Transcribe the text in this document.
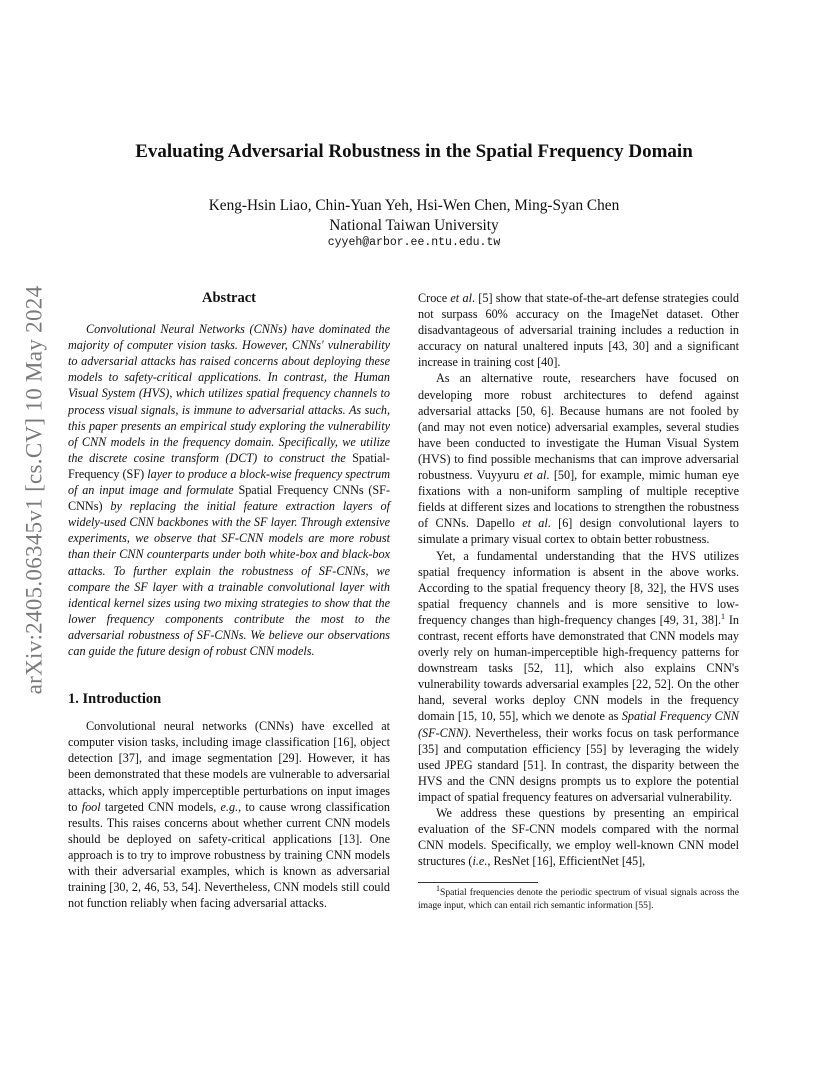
arXiv:2405.06345v1 [cs.CV] 10 May 2024
Evaluating Adversarial Robustness in the Spatial Frequency Domain
Keng-Hsin Liao, Chin-Yuan Yeh, Hsi-Wen Chen, Ming-Syan Chen
National Taiwan University
cyyeh@arbor.ee.ntu.edu.tw
Abstract

Convolutional Neural Networks (CNNs) have dominated the majority of computer vision tasks. However, CNNs' vulnerability to adversarial attacks has raised concerns about deploying these models to safety-critical applications. In contrast, the Human Visual System (HVS), which utilizes spatial frequency channels to process visual signals, is immune to adversarial attacks. As such, this paper presents an empirical study exploring the vulnerability of CNN models in the frequency domain. Specifically, we utilize the discrete cosine transform (DCT) to construct the Spatial-Frequency (SF) layer to produce a block-wise frequency spectrum of an input image and formulate Spatial Frequency CNNs (SF-CNNs) by replacing the initial feature extraction layers of widely-used CNN backbones with the SF layer. Through extensive experiments, we observe that SF-CNN models are more robust than their CNN counterparts under both white-box and black-box attacks. To further explain the robustness of SF-CNNs, we compare the SF layer with a trainable convolutional layer with identical kernel sizes using two mixing strategies to show that the lower frequency components contribute the most to the adversarial robustness of SF-CNNs. We believe our observations can guide the future design of robust CNN models.

1. Introduction

Convolutional neural networks (CNNs) have excelled at computer vision tasks, including image classification [16], object detection [37], and image segmentation [29]. However, it has been demonstrated that these models are vulnerable to adversarial attacks, which apply imperceptible perturbations on input images to fool targeted CNN models, e.g., to cause wrong classification results. This raises concerns about whether current CNN models should be deployed on safety-critical applications [13]. One approach is to try to improve robustness by training CNN models with their adversarial examples, which is known as adversarial training [30, 2, 46, 53, 54]. Nevertheless, CNN models still could not function reliably when facing adversarial attacks.

Croce et al. [5] show that state-of-the-art defense strategies could not surpass 60% accuracy on the ImageNet dataset. Other disadvantageous of adversarial training includes a reduction in accuracy on natural unaltered inputs [43, 30] and a significant increase in training cost [40].

As an alternative route, researchers have focused on developing more robust architectures to defend against adversarial attacks [50, 6]. Because humans are not fooled by (and may not even notice) adversarial examples, several studies have been conducted to investigate the Human Visual System (HVS) to find possible mechanisms that can improve adversarial robustness. Vuyyuru et al. [50], for example, mimic human eye fixations with a non-uniform sampling of multiple receptive fields at different sizes and locations to strengthen the robustness of CNNs. Dapello et al. [6] design convolutional layers to simulate a primary visual cortex to obtain better robustness.

Yet, a fundamental understanding that the HVS utilizes spatial frequency information is absent in the above works. According to the spatial frequency theory [8, 32], the HVS uses spatial frequency channels and is more sensitive to low-frequency changes than high-frequency changes [49, 31, 38].$^1$ In contrast, recent efforts have demonstrated that CNN models may overly rely on human-imperceptible high-frequency patterns for downstream tasks [52, 11], which also explains CNN's vulnerability towards adversarial examples [22, 52]. On the other hand, several works deploy CNN models in the frequency domain [15, 10, 55], which we denote as Spatial Frequency CNN (SF-CNN). Nevertheless, their works focus on task performance [35] and computation efficiency [55] by leveraging the widely used JPEG standard [51]. In contrast, the disparity between the HVS and the CNN designs prompts us to explore the potential impact of spatial frequency features on adversarial vulnerability.

We address these questions by presenting an empirical evaluation of the SF-CNN models compared with the normal CNN models. Specifically, we employ well-known CNN model structures (i.e., ResNet [16], EfficientNet [45],

$^1$Spatial frequencies denote the periodic spectrum of visual signals across the image input, which can entail rich semantic information [55].
